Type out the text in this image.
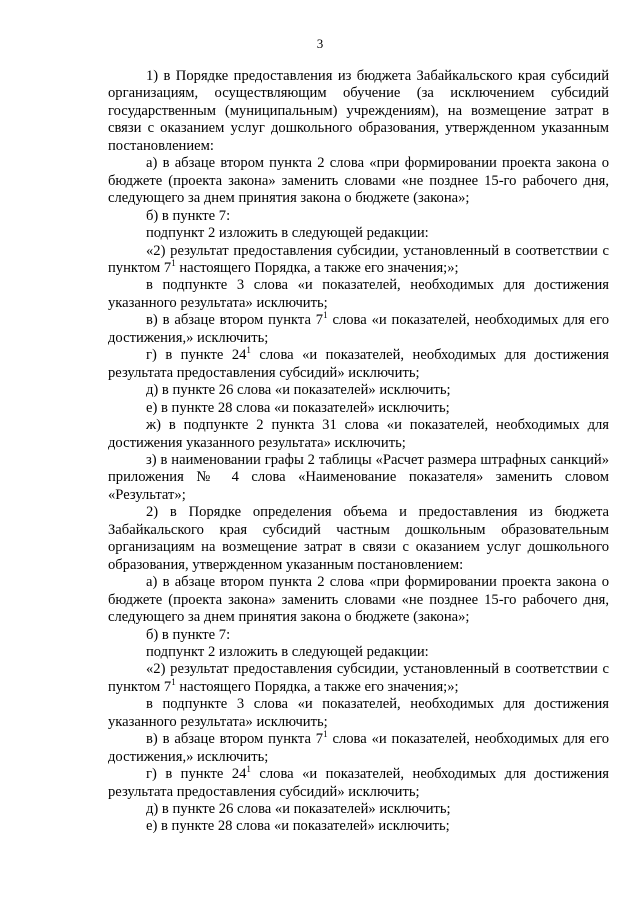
3

1) в Порядке предоставления из бюджета Забайкальского края субсидий организациям, осуществляющим обучение (за исключением субсидий государственным (муниципальным) учреждениям), на возмещение затрат в связи с оказанием услуг дошкольного образования, утвержденном указанным постановлением:

а) в абзаце втором пункта 2 слова «при формировании проекта закона о бюджете (проекта закона» заменить словами «не позднее 15-го рабочего дня, следующего за днем принятия закона о бюджете (закона»;

б) в пункте 7:

подпункт 2 изложить в следующей редакции:

«2) результат предоставления субсидии, установленный в соответствии с пунктом $7^1$ настоящего Порядка, а также его значения;»;

в подпункте 3 слова «и показателей, необходимых для достижения указанного результата» исключить;

в) в абзаце втором пункта $7^1$ слова «и показателей, необходимых для его достижения,» исключить;

г) в пункте $24^1$ слова «и показателей, необходимых для достижения результата предоставления субсидий» исключить;

д) в пункте 26 слова «и показателей» исключить;

е) в пункте 28 слова «и показателей» исключить;

ж) в подпункте 2 пункта 31 слова «и показателей, необходимых для достижения указанного результата» исключить;

з) в наименовании графы 2 таблицы «Расчет размера штрафных санкций» приложения № 4 слова «Наименование показателя» заменить словом «Результат»;

2) в Порядке определения объема и предоставления из бюджета Забайкальского края субсидий частным дошкольным образовательным организациям на возмещение затрат в связи с оказанием услуг дошкольного образования, утвержденном указанным постановлением:

а) в абзаце втором пункта 2 слова «при формировании проекта закона о бюджете (проекта закона» заменить словами «не позднее 15-го рабочего дня, следующего за днем принятия закона о бюджете (закона»;

б) в пункте 7:

подпункт 2 изложить в следующей редакции:

«2) результат предоставления субсидии, установленный в соответствии с пунктом $7^1$ настоящего Порядка, а также его значения;»;

в подпункте 3 слова «и показателей, необходимых для достижения указанного результата» исключить;

в) в абзаце втором пункта $7^1$ слова «и показателей, необходимых для его достижения,» исключить;

г) в пункте $24^1$ слова «и показателей, необходимых для достижения результата предоставления субсидий» исключить;

д) в пункте 26 слова «и показателей» исключить;

е) в пункте 28 слова «и показателей» исключить;
